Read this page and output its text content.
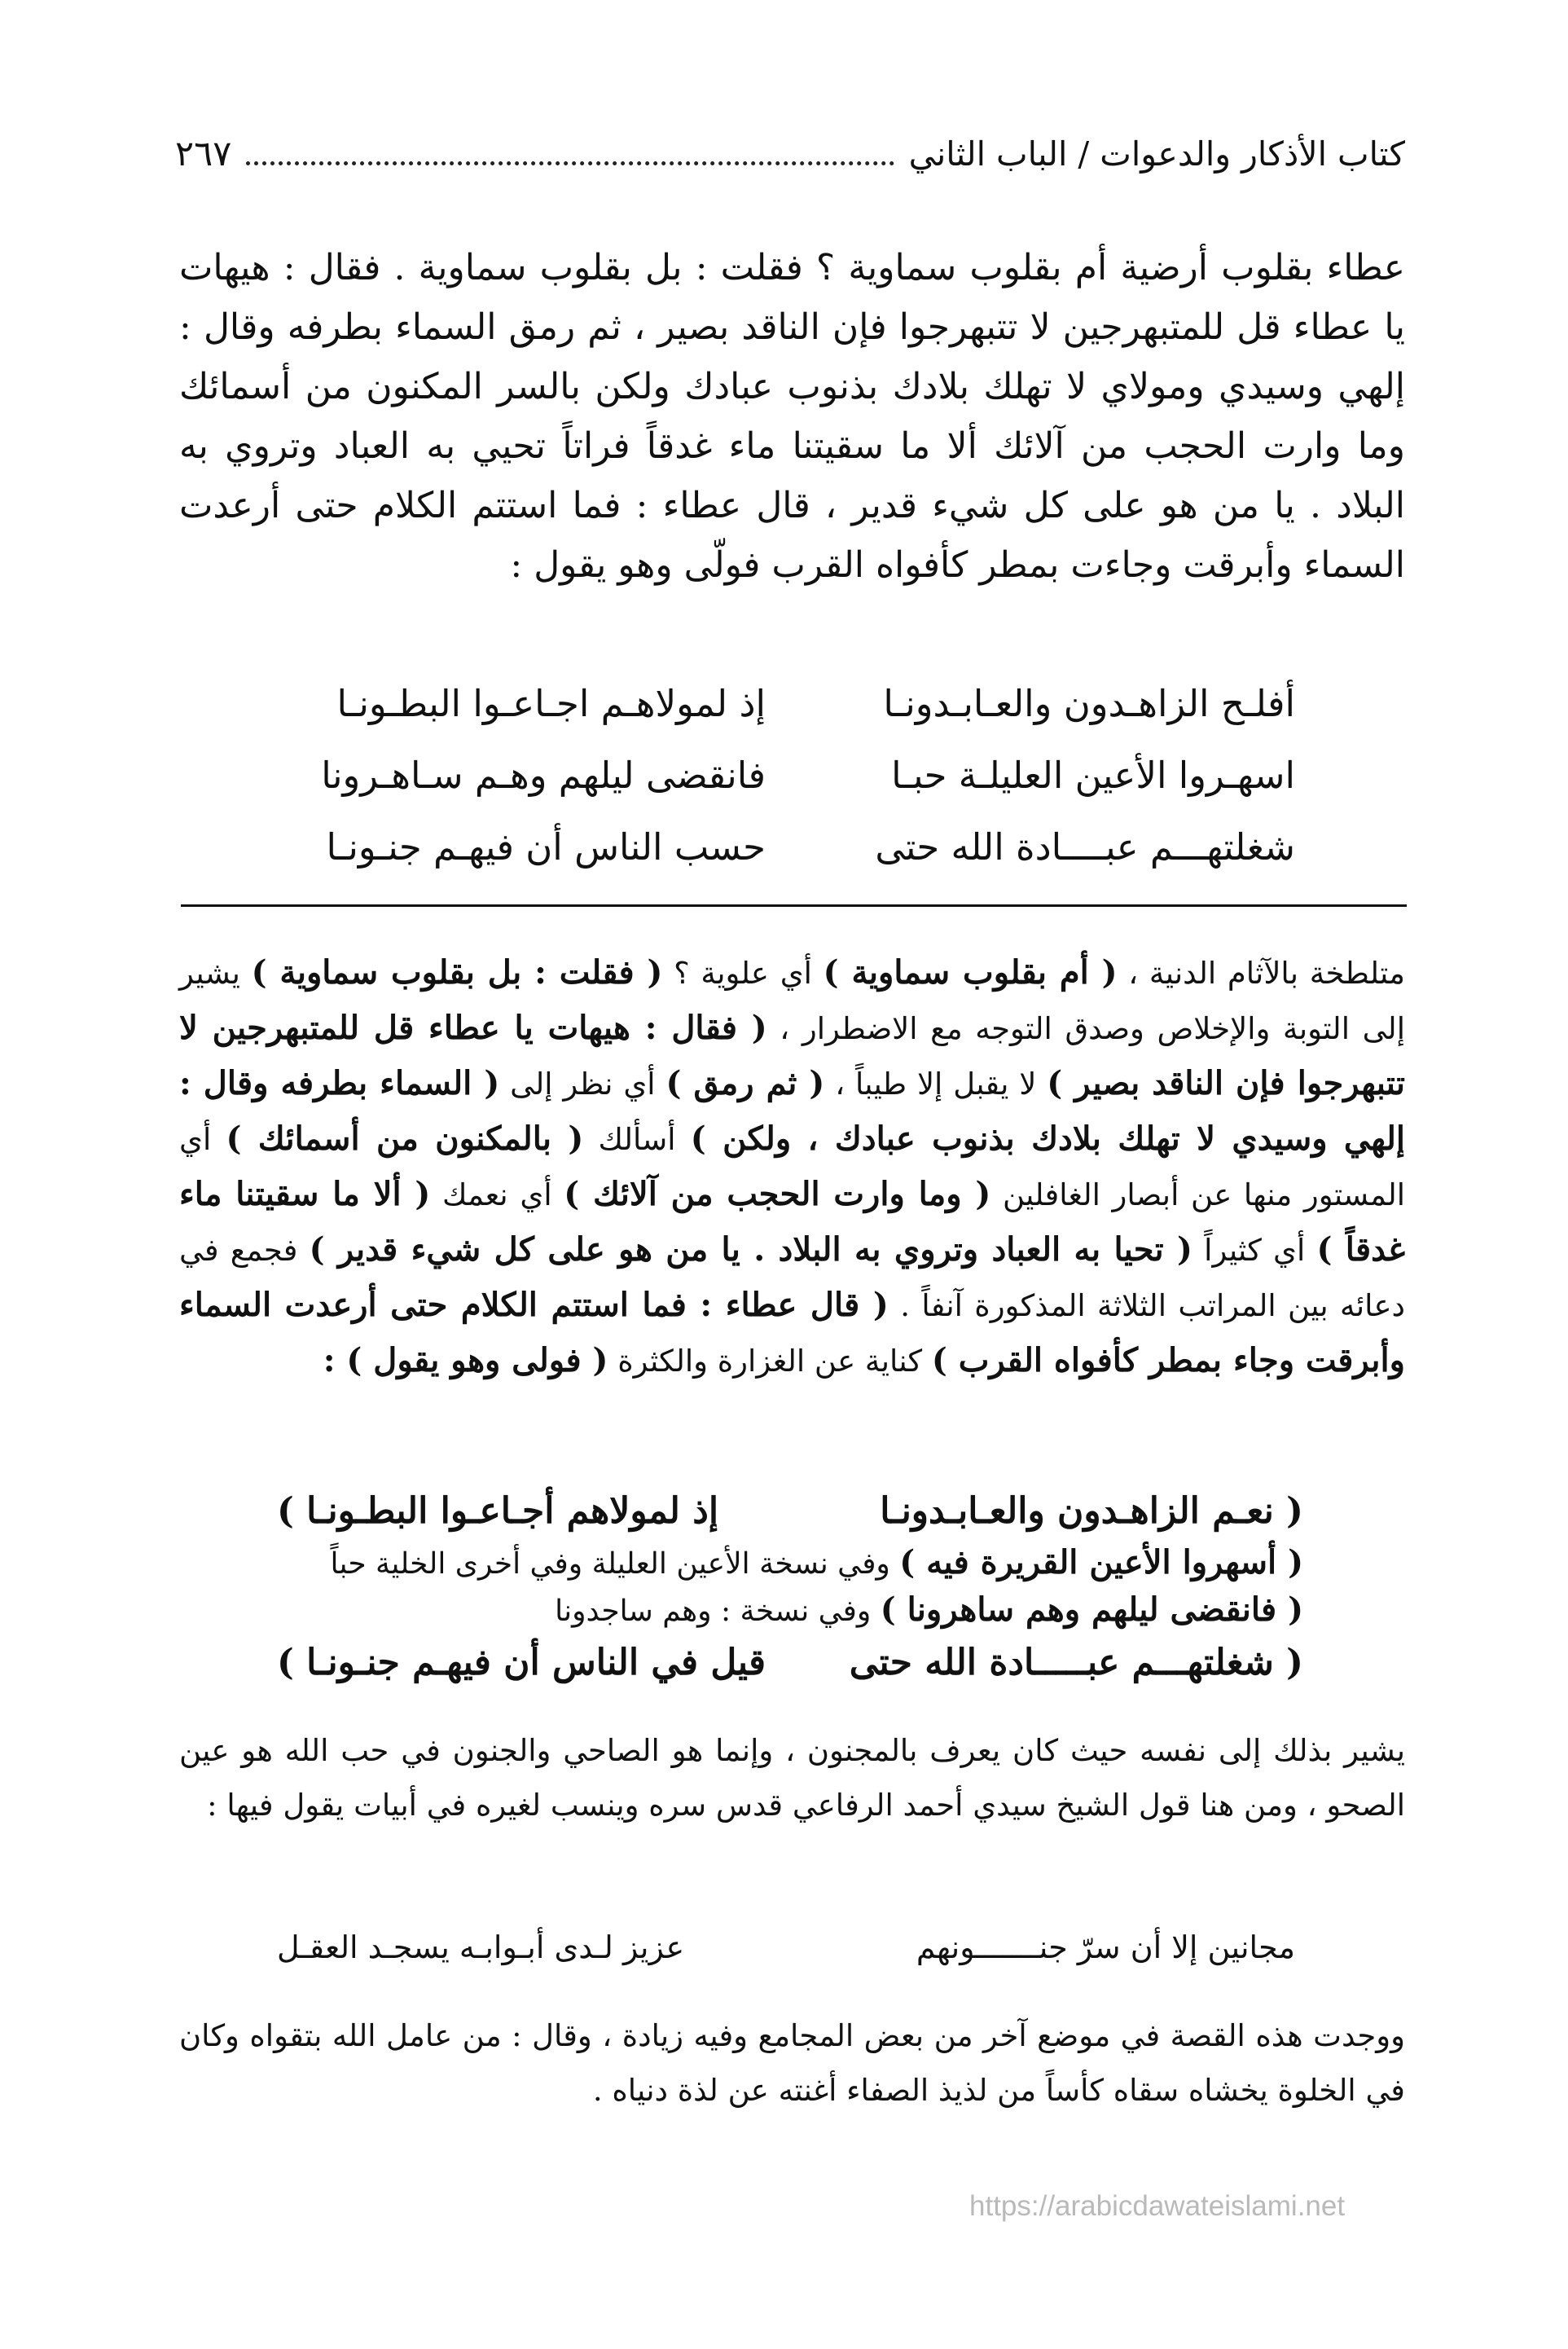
كتاب الأذكار والدعوات / الباب الثاني
٢٦٧

عطاء بقلوب أرضية أم بقلوب سماوية ؟ فقلت : بل بقلوب سماوية . فقال : هيهات يا عطاء قل للمتبهرجين لا تتبهرجوا فإن الناقد بصير ، ثم رمق السماء بطرفه وقال : إلهي وسيدي ومولاي لا تهلك بلادك بذنوب عبادك ولكن بالسر المكنون من أسمائك وما وارت الحجب من آلائك ألا ما سقيتنا ماء غدقاً فراتاً تحيي به العباد وتروي به البلاد . يا من هو على كل شيء قدير ، قال عطاء : فما استتم الكلام حتى أرعدت السماء وأبرقت وجاءت بمطر كأفواه القرب فولّى وهو يقول :

أفلـح الزاهـدون والعـابـدونـا
إذ لمولاهـم اجـاعـوا البطـونـا
اسهـروا الأعين العليلـة حبـا
فانقضى ليلهم وهـم سـاهـرونا
شغلتهـــم عبــــادة الله حتى
حسب الناس أن فيهـم جنـونـا

متلطخة بالآثام الدنية ، ( أم بقلوب سماوية ) أي علوية ؟ ( فقلت : بل بقلوب سماوية ) يشير إلى التوبة والإخلاص وصدق التوجه مع الاضطرار ، ( فقال : هيهات يا عطاء قل للمتبهرجين لا تتبهرجوا فإن الناقد بصير ) لا يقبل إلا طيباً ، ( ثم رمق ) أي نظر إلى ( السماء بطرفه وقال : إلهي وسيدي لا تهلك بلادك بذنوب عبادك ، ولكن ) أسألك ( بالمكنون من أسمائك ) أي المستور منها عن أبصار الغافلين ( وما وارت الحجب من آلائك ) أي نعمك ( ألا ما سقيتنا ماء غدقاً ) أي كثيراً ( تحيا به العباد وتروي به البلاد . يا من هو على كل شيء قدير ) فجمع في دعائه بين المراتب الثلاثة المذكورة آنفاً . ( قال عطاء : فما استتم الكلام حتى أرعدت السماء وأبرقت وجاء بمطر كأفواه القرب ) كناية عن الغزارة والكثرة ( فولى وهو يقول ) :

( نعـم الزاهـدون والعـابـدونـا
إذ لمولاهم أجـاعـوا البطـونـا )
( أسهروا الأعين القريرة فيه ) وفي نسخة الأعين العليلة وفي أخرى الخلية حباً
( فانقضى ليلهم وهم ساهرونا ) وفي نسخة : وهم ساجدونا
( شغلتهـــم عبـــــادة الله حتى
قيل في الناس أن فيهـم جنـونـا )

يشير بذلك إلى نفسه حيث كان يعرف بالمجنون ، وإنما هو الصاحي والجنون في حب الله هو عين الصحو ، ومن هنا قول الشيخ سيدي أحمد الرفاعي قدس سره وينسب لغيره في أبيات يقول فيها :

مجانين إلا أن سرّ جنـــــــونهم
عزيز لـدى أبـوابـه يسجـد العقـل

ووجدت هذه القصة في موضع آخر من بعض المجامع وفيه زيادة ، وقال : من عامل الله بتقواه وكان في الخلوة يخشاه سقاه كأساً من لذيذ الصفاء أغنته عن لذة دنياه .

https://arabicdawateislami.net
